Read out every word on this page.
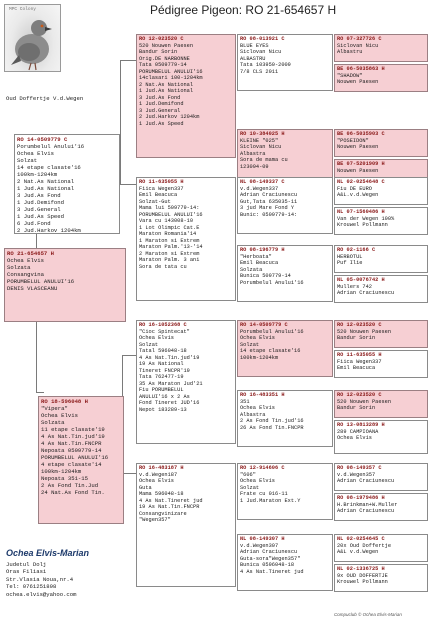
Pédigree Pigeon: RO 21-654657 H
MPC Colony
Oud Doffertje V.d.Wegen
RO 14-0509779 C
Porumbelul Anului'16
Ochea Elvis
Solzat
14 etape clasate'16
100km-1204km
2 Nat.As National
1 Jud.As National
3 Jud.As Fond
1 Jud.Demifond
3 Jud.General
1 Jud.As Speed
6 Jud.Fond
2 Jud.Harkov 1204km
RO 21-654657 H
Ochea Elvis
Solzata
Consangvina
PORUMBELUL ANULUI'16
DENIS VLASCEANU
RO 18-596048 H
"Vipera"
Ochea Elvis
Solzata
11 etape clasate'19
4 As Nat.Tin.jud'19
4 As Nat.Tin.FNCPR
Nepoata 0509779-14
PORUMBELUL ANULUI'16
4 etape clasate'14
100km-1204km
Nepoata 351-15
2 As Fond Tin.Jud
24 Nat.As Fond Tin.
RO 12-023520 C
520 Nouwen Paesen
Bandur Sorin
Orig.DE NARBONNE
Tata 0509779-14
PORUMBELUL ANULUI'16
14clasari 100-1204km
2 Nat.As National
1 Jud.As National
3 Jud.As Fond
1 Jud.Demifond
3 Jud.General
2 Jud.Harkov 1204km
1 Jud.As Speed
RO 11-635055 H
Fiica Wegen337
Emil Beacuca
Solzat-Gut
Mama lui 509779-14:
PORUMBELUL ANULUI'16
Vara cu 143008-10
1 Lot Olimpic Cat.E
Maraton Romania'14
1 Maraton si Extrem
Maraton Palm.'13-'14
2 Maraton si Extrem
Maraton Palm. 3 ani
Sora de tata cu
RO 16-1052368 C
"Cioc Spintecat"
Ochea Elvis
Solzat
Tatal 596048-18
4 As Nat.Tin.jud'19
19 As National
Tineret FNCPR'19
Tata 762477-19
35 As Maraton Jud'21
Fiu PORUMBELUL
ANULUI'16 x 2 As
Fond Tineret JUD'16
Nepot 183289-13
RO 16-483187 H
v.d.Wegen187
Ochea Elvis
Guta
Mama 596048-18
4 As Nat.Tineret jud
19 As Nat.Tin.FNCPR
Consangvinizare
"Wegen357"
RO 08-013921 C
BLUE EYES
Siclovan Nicu
ALBASTRU
Tata 103950-2009
7/8 CLS 2011
RO 10-384025 H
KLEINE "025"
Siclovan Nicu
Albastra
Sora de mama cu
123094-09
NL 08-149337 C
v.d.Wegen337
Adrian Craciunescu
Gut,Tata 635035-11
3 jud Mare Fond Y
Bunic: 0509779-14:
RO 08-196779 H
"Herboata"
Emil Beacuca
Solzata
Bunica 509779-14
Porumbelul Anului'16
RO 14-0509779 C
Porumbelul Anului'16
Ochea Elvis
Solzat
14 etape clasate'16
100km-1204km
RO 16-483351 H
351
Ochea Elvis
Albastra
2 As Fond Tin.jud'16
26 As Fond Tin.FNCPR
RO 12-914606 C
"606"
Ochea Elvis
Solzat
Frate cu 016-11
1 Jud.Maraton Ext.Y
NL 08-149307 H
v.d.Wegen307
Adrian Craciunescu
Guta-sora"Wegen357"
Bunica 0596048-18
4 As Nat.Tineret jud
RO 07-327726 C
Siclovan Nicu
Albastru
BE 06-5035863 H
"SHADOW"
Nouwen Paesen
BE 06-5035903 C
"POSEIDON"
Nouwen Paesen
BE 07-5201909 H
Nouwen Paesen
NL 02-0254648 C
Fiu DE EURO
A&L.v.d.Wegen
NL 07-1560486 H
Van der Wegen 100%
Krouwel Pollmann
RO 02-1166 C
HERBOTUL
Puf Ilie
NL 05-0076742 H
Mullers 742
Adrian Craciunescu
RO 12-023520 C
520 Nouwen Paesen
Bandur Sorin
RO 11-635055 H
Fiica Wegen337
Emil Beacuca
RO 12-023520 C
520 Nouwen Paesen
Bandur Sorin
RO 13-0813289 H
289 CAMPIOANA
Ochea Elvis
RO 08-149357 C
v.d.Wegen357
Adrian Craciunescu
RO 08-1979486 H
H.Brinkman+W.Muller
Adrian Craciunescu
NL 02-0254645 C
20x Oud Doffertje
A&L v.d.Wegen
NL 02-1336725 H
9x OUD DOFFERTJE
Krouwel Pollmann
Ochea Elvis-Marian
Judetul Dolj
Oras Filiasi
Str.Vlasia Noua,nr.4
Tel: 0761251898
ochea.elvis@yahoo.com
Compuclub © Ochea Elvis-Marian
